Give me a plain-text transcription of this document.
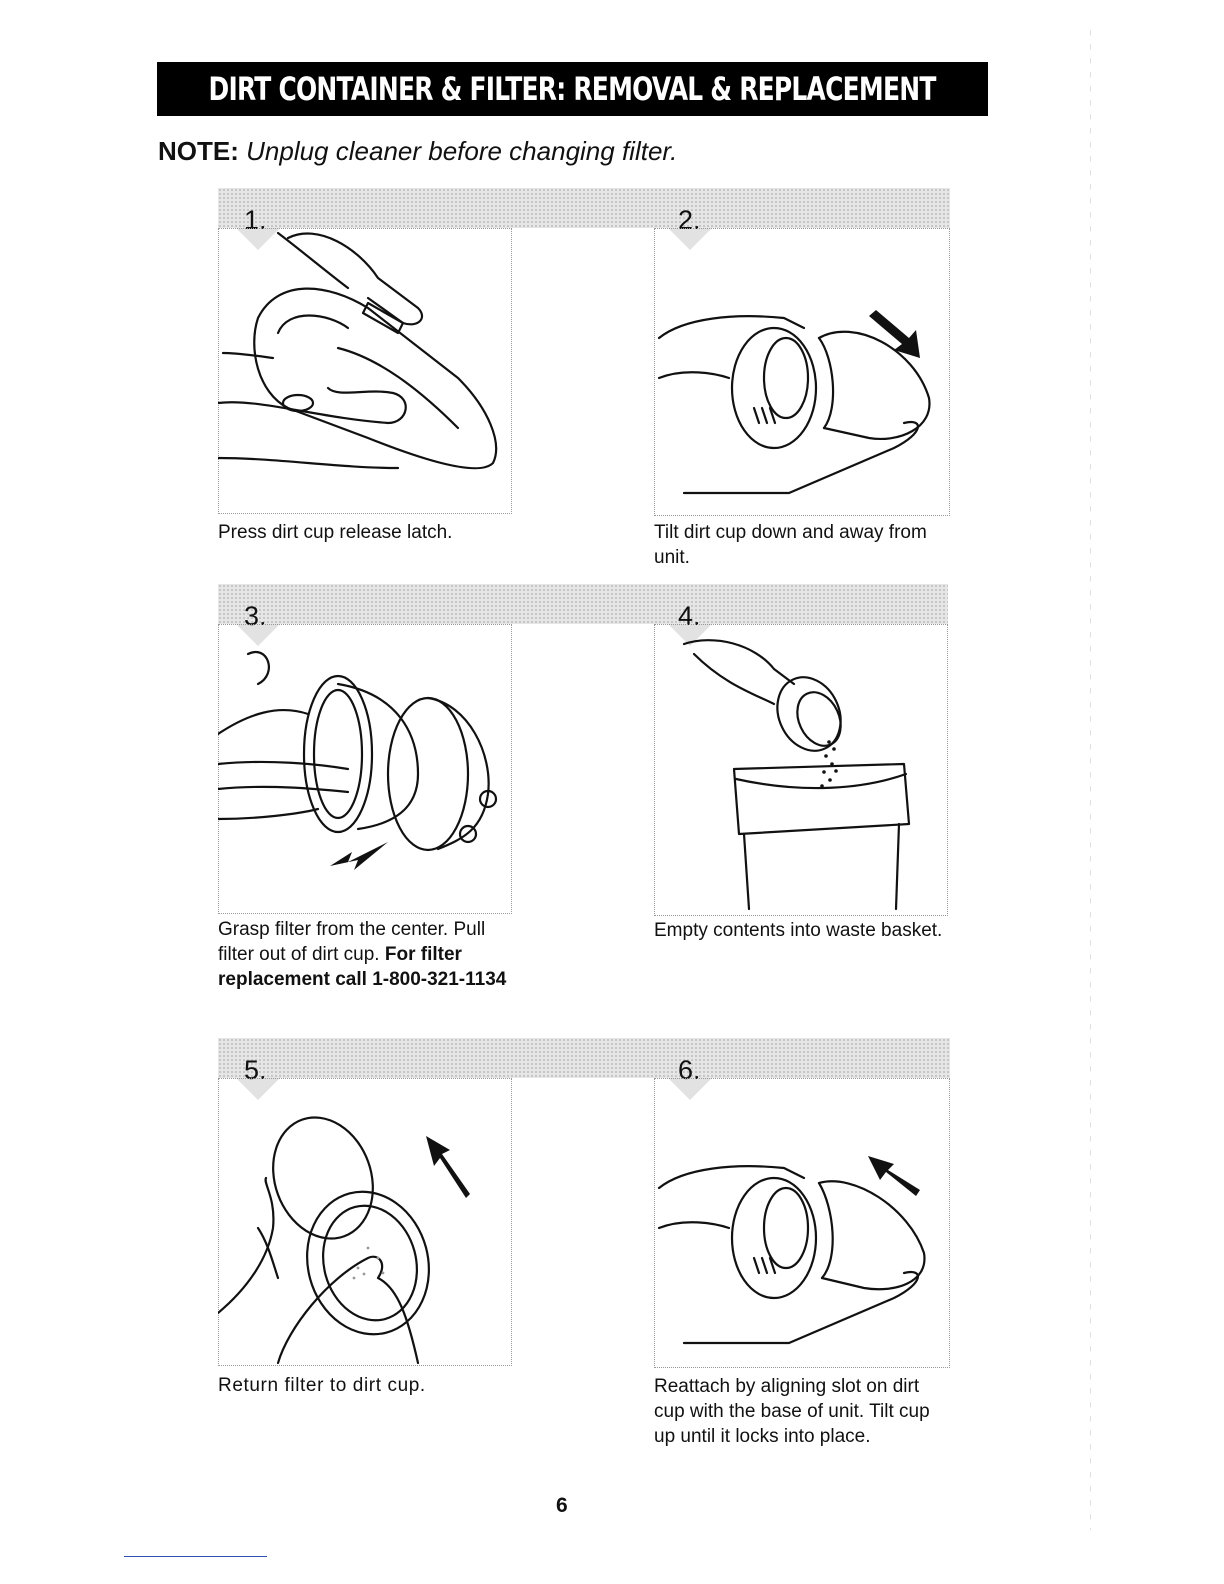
DIRT CONTAINER & FILTER: REMOVAL & REPLACEMENT
NOTE: Unplug cleaner before changing filter.
1.
Press dirt cup release latch.
2.
Tilt dirt cup down and away from unit.
3.
Grasp filter from the center. Pull filter out of dirt cup. For filter replacement call 1-800-321-1134
4.
Empty contents into waste basket.
5.
Return filter to dirt cup.
6.
Reattach by aligning slot on dirt cup with the base of unit. Tilt cup up until it locks into place.
6
